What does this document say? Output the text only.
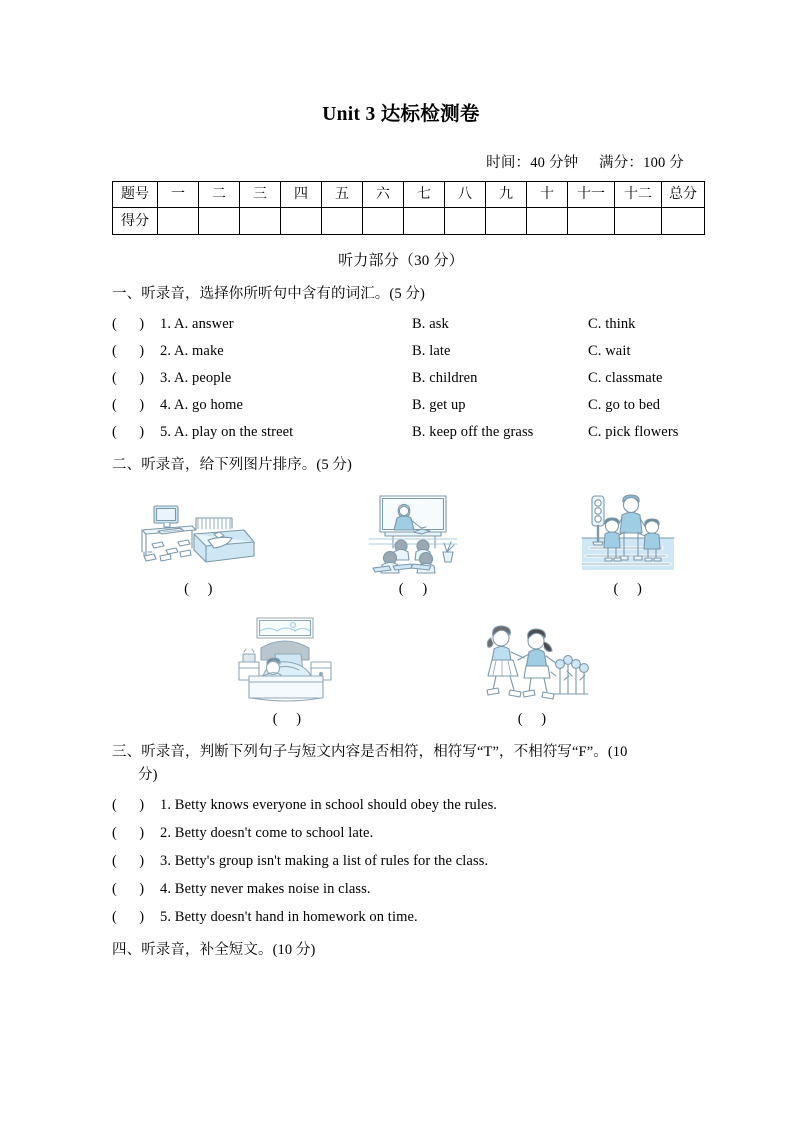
Unit 3 达标检测卷
时间：40 分钟 满分：100 分
题号	一	二	三	四	五	六	七	八	九	十	十一	十二	总分
得分													
听力部分（30 分）
一、听录音，选择你所听句中含有的词汇。(5 分)
(      )	1. A. answer	B. ask	C. think
(      )	2. A. make	B. late	C. wait
(      )	3. A. people	B. children	C. classmate
(      )	4. A. go home	B. get up	C. go to bed
(      )	5. A. play on the street	B. keep off the grass	C. pick flowers
二、听录音，给下列图片排序。(5 分)
(     )	(     )	(     )
(     )	(     )
三、听录音，判断下列句子与短文内容是否相符，相符写“T”，不相符写“F”。(10
分)
(      )	1. Betty knows everyone in school should obey the rules.
(      )	2. Betty doesn't come to school late.
(      )	3. Betty's group isn't making a list of rules for the class.
(      )	4. Betty never makes noise in class.
(      )	5. Betty doesn't hand in homework on time.
四、听录音，补全短文。(10 分)
